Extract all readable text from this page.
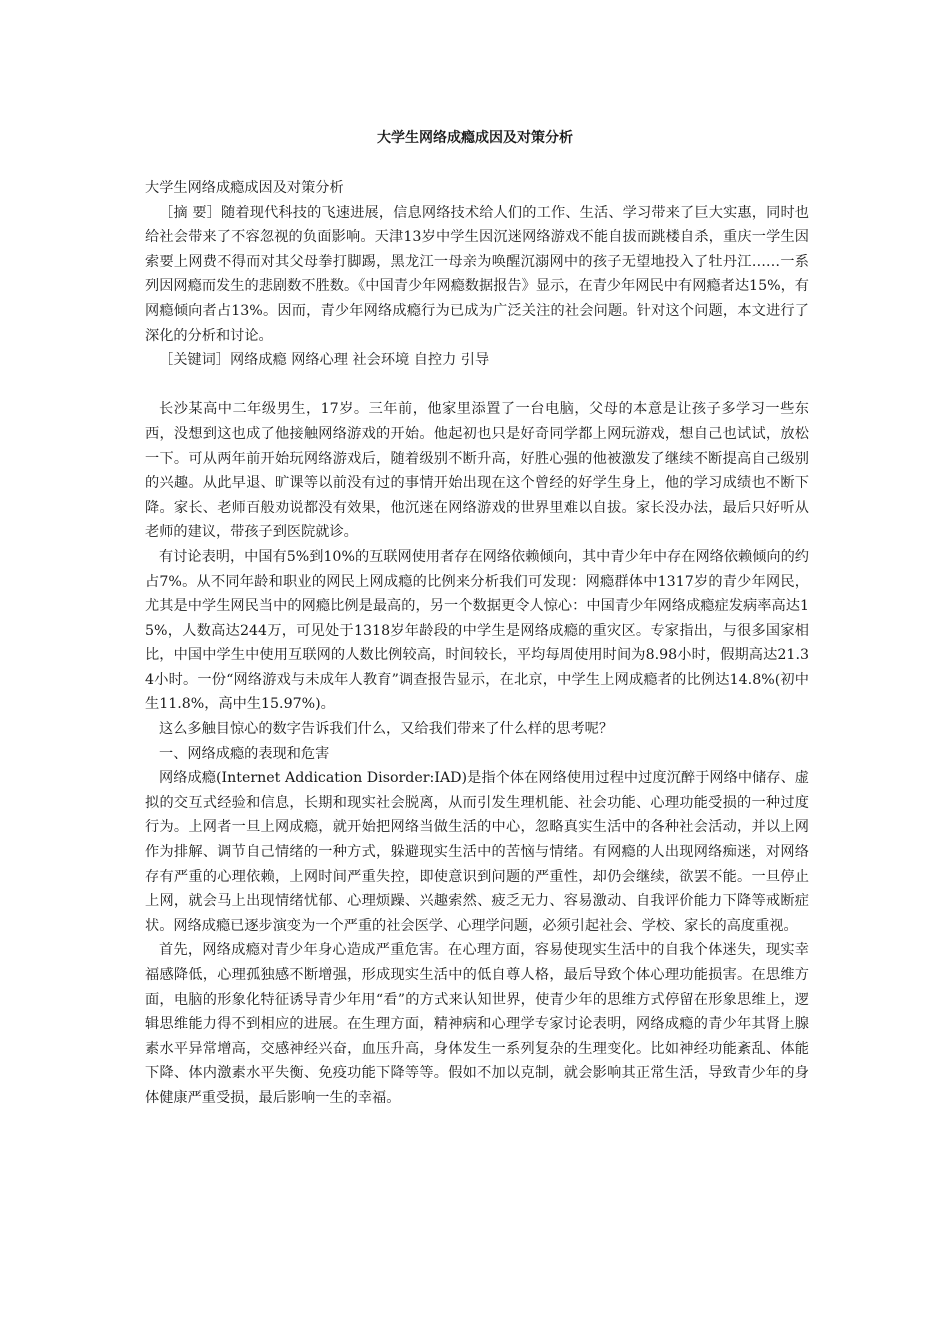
大学生网络成瘾成因及对策分析

大学生网络成瘾成因及对策分析

［摘 要］随着现代科技的飞速进展，信息网络技术给人们的工作、生活、学习带来了巨大实惠，同时也给社会带来了不容忽视的负面影响。天津13岁中学生因沉迷网络游戏不能自拔而跳楼自杀，重庆一学生因索要上网费不得而对其父母拳打脚踢，黑龙江一母亲为唤醒沉溺网中的孩子无望地投入了牡丹江……一系列因网瘾而发生的悲剧数不胜数。《中国青少年网瘾数据报告》显示，在青少年网民中有网瘾者达15%，有网瘾倾向者占13%。因而，青少年网络成瘾行为已成为广泛关注的社会问题。针对这个问题，本文进行了深化的分析和讨论。

［关键词］网络成瘾 网络心理 社会环境 自控力 引导

长沙某高中二年级男生，17岁。三年前，他家里添置了一台电脑，父母的本意是让孩子多学习一些东西，没想到这也成了他接触网络游戏的开始。他起初也只是好奇同学都上网玩游戏，想自己也试试，放松一下。可从两年前开始玩网络游戏后，随着级别不断升高，好胜心强的他被激发了继续不断提高自己级别的兴趣。从此早退、旷课等以前没有过的事情开始出现在这个曾经的好学生身上，他的学习成绩也不断下降。家长、老师百般劝说都没有效果，他沉迷在网络游戏的世界里难以自拔。家长没办法，最后只好听从老师的建议，带孩子到医院就诊。

有讨论表明，中国有5%到10%的互联网使用者存在网络依赖倾向，其中青少年中存在网络依赖倾向的约占7%。从不同年龄和职业的网民上网成瘾的比例来分析我们可发现：网瘾群体中1317岁的青少年网民，尤其是中学生网民当中的网瘾比例是最高的，另一个数据更令人惊心：中国青少年网络成瘾症发病率高达15%，人数高达244万，可见处于1318岁年龄段的中学生是网络成瘾的重灾区。专家指出，与很多国家相比，中国中学生中使用互联网的人数比例较高，时间较长，平均每周使用时间为8.98小时，假期高达21.34小时。一份“网络游戏与未成年人教育”调查报告显示，在北京，中学生上网成瘾者的比例达14.8%(初中生11.8%，高中生15.97%)。

这么多触目惊心的数字告诉我们什么，又给我们带来了什么样的思考呢？

一、网络成瘾的表现和危害

网络成瘾(Internet Addication Disorder:IAD)是指个体在网络使用过程中过度沉醉于网络中储存、虚拟的交互式经验和信息，长期和现实社会脱离，从而引发生理机能、社会功能、心理功能受损的一种过度行为。上网者一旦上网成瘾，就开始把网络当做生活的中心，忽略真实生活中的各种社会活动，并以上网作为排解、调节自己情绪的一种方式，躲避现实生活中的苦恼与情绪。有网瘾的人出现网络痴迷，对网络存有严重的心理依赖，上网时间严重失控，即使意识到问题的严重性，却仍会继续，欲罢不能。一旦停止上网，就会马上出现情绪忧郁、心理烦躁、兴趣索然、疲乏无力、容易激动、自我评价能力下降等戒断症状。网络成瘾已逐步演变为一个严重的社会医学、心理学问题，必须引起社会、学校、家长的高度重视。

首先，网络成瘾对青少年身心造成严重危害。在心理方面，容易使现实生活中的自我个体迷失，现实幸福感降低，心理孤独感不断增强，形成现实生活中的低自尊人格，最后导致个体心理功能损害。在思维方面，电脑的形象化特征诱导青少年用“看”的方式来认知世界，使青少年的思维方式停留在形象思维上，逻辑思维能力得不到相应的进展。在生理方面，精神病和心理学专家讨论表明，网络成瘾的青少年其肾上腺素水平异常增高，交感神经兴奋，血压升高，身体发生一系列复杂的生理变化。比如神经功能紊乱、体能下降、体内激素水平失衡、免疫功能下降等等。假如不加以克制，就会影响其正常生活，导致青少年的身体健康严重受损，最后影响一生的幸福。
